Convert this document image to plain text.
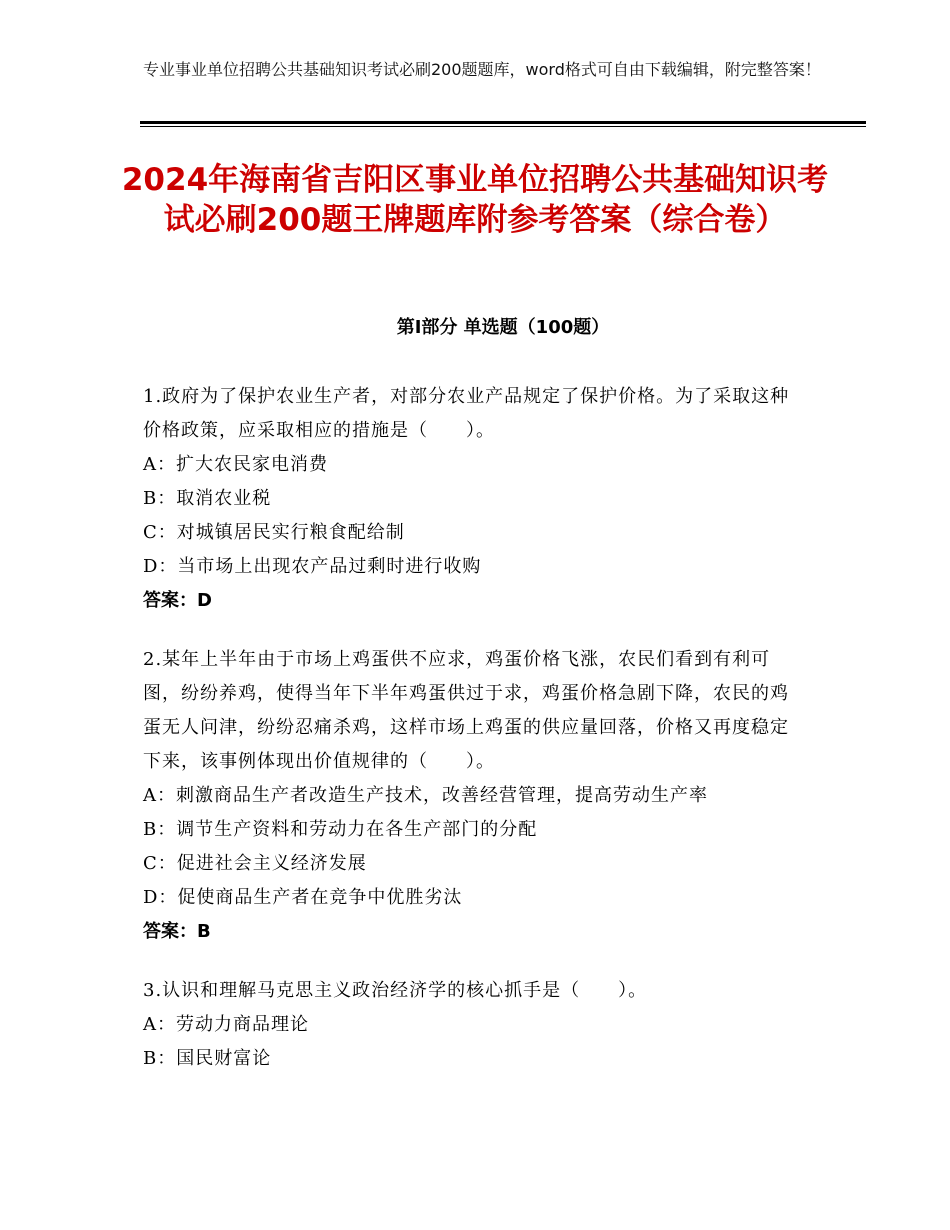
专业事业单位招聘公共基础知识考试必刷200题题库，word格式可自由下载编辑，附完整答案！
2024年海南省吉阳区事业单位招聘公共基础知识考试必刷200题王牌题库附参考答案（综合卷）
第Ⅰ部分 单选题（100题）

1.政府为了保护农业生产者，对部分农业产品规定了保护价格。为了采取这种价格政策，应采取相应的措施是（　　）。

A：扩大农民家电消费

B：取消农业税

C：对城镇居民实行粮食配给制

D：当市场上出现农产品过剩时进行收购

答案：D

2.某年上半年由于市场上鸡蛋供不应求，鸡蛋价格飞涨，农民们看到有利可图，纷纷养鸡，使得当年下半年鸡蛋供过于求，鸡蛋价格急剧下降，农民的鸡蛋无人问津，纷纷忍痛杀鸡，这样市场上鸡蛋的供应量回落，价格又再度稳定下来，该事例体现出价值规律的（　　）。

A：刺激商品生产者改造生产技术，改善经营管理，提高劳动生产率

B：调节生产资料和劳动力在各生产部门的分配

C：促进社会主义经济发展

D：促使商品生产者在竞争中优胜劣汰

答案：B

3.认识和理解马克思主义政治经济学的核心抓手是（　　）。

A：劳动力商品理论

B：国民财富论
